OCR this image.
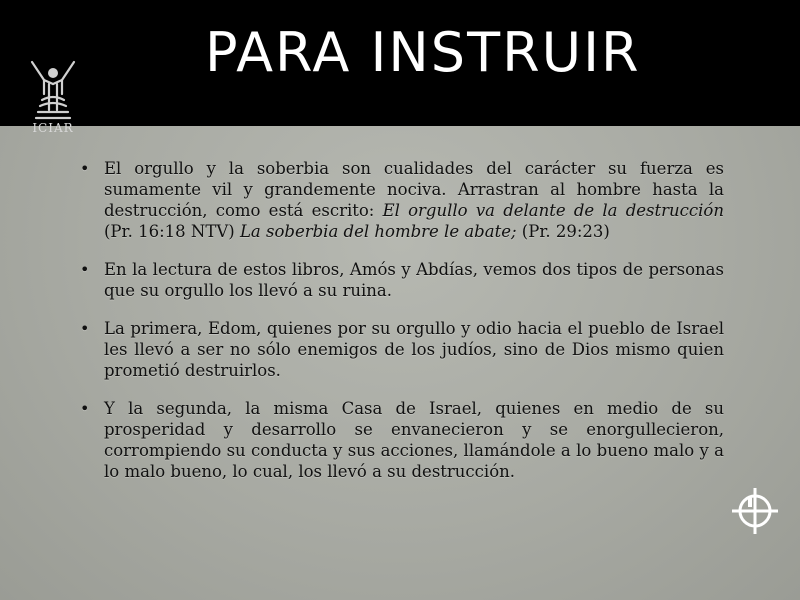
ICIAR
PARA INSTRUIR
• El orgullo y la soberbia son cualidades del carácter su fuerza es sumamente vil y grandemente nociva. Arrastran al hombre hasta la destrucción, como está escrito: El orgullo va delante de la destrucción (Pr. 16:18 NTV) La soberbia del hombre le abate; (Pr. 29:23)
• En la lectura de estos libros, Amós y Abdías, vemos dos tipos de personas que su orgullo los llevó a su ruina.
• La primera, Edom, quienes por su orgullo y odio hacia el pueblo de Israel les llevó a ser no sólo enemigos de los judíos, sino de Dios mismo quien prometió destruirlos.
• Y la segunda, la misma Casa de Israel, quienes en medio de su prosperidad y desarrollo se envanecieron y se enorgullecieron, corrompiendo su conducta y sus acciones, llamándole a lo bueno malo y a lo malo bueno, lo cual, los llevó a su destrucción.
